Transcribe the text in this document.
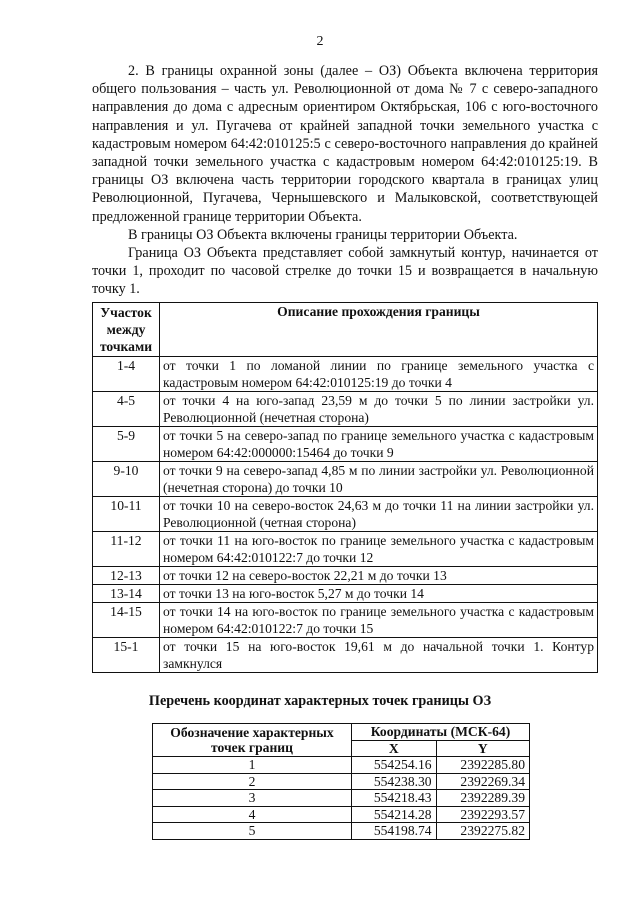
2

2. В границы охранной зоны (далее – ОЗ) Объекта включена территория общего пользования – часть ул. Революционной от дома № 7 с северо-западного направления до дома с адресным ориентиром Октябрьская, 106 с юго-восточного направления и ул. Пугачева от крайней западной точки земельного участка с кадастровым номером 64:42:010125:5 с северо-восточного направления до крайней западной точки земельного участка с кадастровым номером 64:42:010125:19. В границы ОЗ включена часть территории городского квартала в границах улиц Революционной, Пугачева, Чернышевского и Малыковской, соответствующей предложенной границе территории Объекта.

В границы ОЗ Объекта включены границы территории Объекта.

Граница ОЗ Объекта представляет собой замкнутый контур, начинается от точки 1, проходит по часовой стрелке до точки 15 и возвращается в начальную точку 1.

Участок
между
точками	Описание прохождения границы
1-4	от точки 1 по ломаной линии по границе земельного участка с кадастровым номером 64:42:010125:19 до точки 4
4-5	от точки 4 на юго-запад 23,59 м до точки 5 по линии застройки ул. Революционной (нечетная сторона)
5-9	от точки 5 на северо-запад по границе земельного участка с кадастровым номером 64:42:000000:15464 до точки 9
9-10	от точки 9 на северо-запад 4,85 м по линии застройки ул. Революционной (нечетная сторона) до точки 10
10-11	от точки 10 на северо-восток 24,63 м до точки 11 на линии застройки ул. Революционной (четная сторона)
11-12	от точки 11 на юго-восток по границе земельного участка с кадастровым номером 64:42:010122:7 до точки 12
12-13	от точки 12 на северо-восток 22,21 м до точки 13
13-14	от точки 13 на юго-восток 5,27 м до точки 14
14-15	от точки 14 на юго-восток по границе земельного участка с кадастровым номером 64:42:010122:7 до точки 15
15-1	от точки 15 на юго-восток 19,61 м до начальной точки 1. Контур замкнулся
Перечень координат характерных точек границы ОЗ
Обозначение характерных
точек границ	Координаты (МСК-64)	
	X	Y
1	554254.16	2392285.80
2	554238.30	2392269.34
3	554218.43	2392289.39
4	554214.28	2392293.57
5	554198.74	2392275.82
